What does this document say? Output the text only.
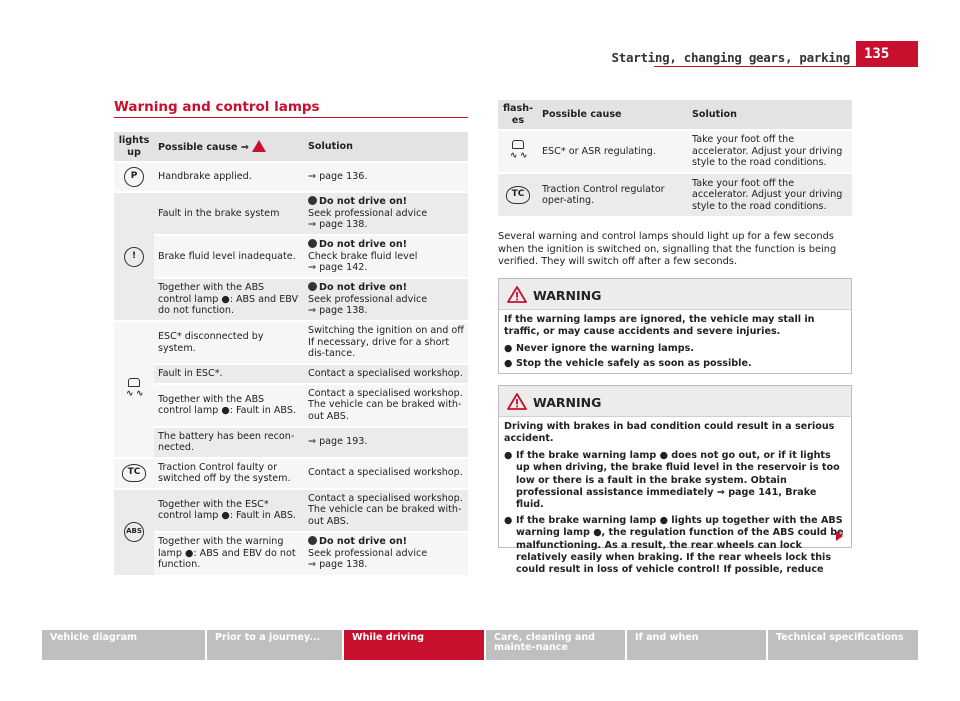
Starting, changing gears, parking	135
Warning and control lamps
lights up	Possible cause ⇒	Solution
P	Handbrake applied.	⇒ page 136.
!	Fault in the brake system	Do not drive on!
Seek professional advice
⇒ page 138.
	Brake fluid level inadequate.	Do not drive on!
Check brake fluid level
⇒ page 142.
	Together with the ABS control lamp ●: ABS and EBV do not function.	Do not drive on!
Seek professional advice
⇒ page 138.

∿ ∿	ESC* disconnected by system.	Switching the ignition on and off If necessary, drive for a short dis-tance.
	Fault in ESC*.	Contact a specialised workshop.
	Together with the ABS control lamp ●: Fault in ABS.	Contact a specialised workshop. The vehicle can be braked with-out ABS.
	The battery has been recon-nected.	⇒ page 193.
TC	Traction Control faulty or switched off by the system.	Contact a specialised workshop.
ABS	Together with the ESC* control lamp ●: Fault in ABS.	Contact a specialised workshop. The vehicle can be braked with-out ABS.
	Together with the warning lamp ●: ABS and EBV do not function.	Do not drive on!
Seek professional advice
⇒ page 138.
flash-es	Possible cause	Solution

∿ ∿	ESC* or ASR regulating.	Take your foot off the accelerator. Adjust your driving style to the road conditions.
TC	Traction Control regulator oper-ating.	Take your foot off the accelerator. Adjust your driving style to the road conditions.
Several warning and control lamps should light up for a few seconds when the ignition is switched on, signalling that the function is being verified. They will switch off after a few seconds.
WARNING

If the warning lamps are ignored, the vehicle may stall in traffic, or may cause accidents and severe injuries.

● Never ignore the warning lamps.
● Stop the vehicle safely as soon as possible.
WARNING

Driving with brakes in bad condition could result in a serious accident.

● If the brake warning lamp ● does not go out, or if it lights up when driving, the brake fluid level in the reservoir is too low or there is a fault in the brake system. Obtain professional assistance immediately ⇒ page 141, Brake fluid.
● If the brake warning lamp ● lights up together with the ABS warning lamp ●, the regulation function of the ABS could be malfunctioning. As a result, the rear wheels can lock relatively easily when braking. If the rear wheels lock this could result in loss of vehicle control! If possible, reduce
Vehicle diagram	Prior to a journey...	While driving	Care, cleaning and mainte-nance
If and when	Technical specifications
